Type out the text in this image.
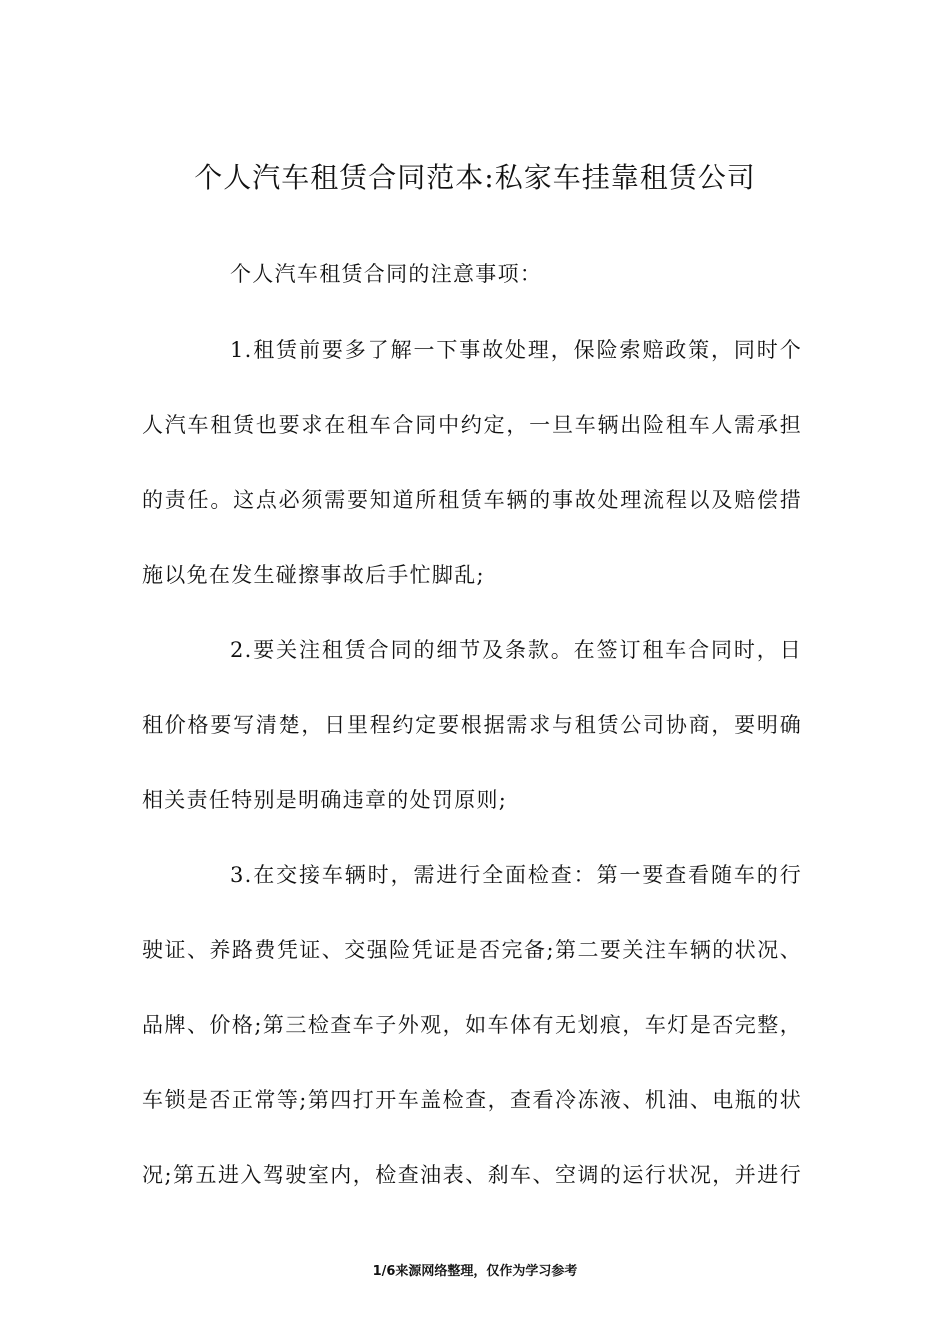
个人汽车租赁合同范本:私家车挂靠租赁公司
个人汽车租赁合同的注意事项：
1.租赁前要多了解一下事故处理，保险索赔政策，同时个
人汽车租赁也要求在租车合同中约定，一旦车辆出险租车人需承担
的责任。这点必须需要知道所租赁车辆的事故处理流程以及赔偿措
施以免在发生碰擦事故后手忙脚乱;
2.要关注租赁合同的细节及条款。在签订租车合同时，日
租价格要写清楚，日里程约定要根据需求与租赁公司协商，要明确
相关责任特别是明确违章的处罚原则;
3.在交接车辆时，需进行全面检查：第一要查看随车的行
驶证、养路费凭证、交强险凭证是否完备;第二要关注车辆的状况、
品牌、价格;第三检查车子外观，如车体有无划痕，车灯是否完整，
车锁是否正常等;第四打开车盖检查，查看冷冻液、机油、电瓶的状
况;第五进入驾驶室内，检查油表、刹车、空调的运行状况，并进行
1/6来源网络整理，仅作为学习参考
